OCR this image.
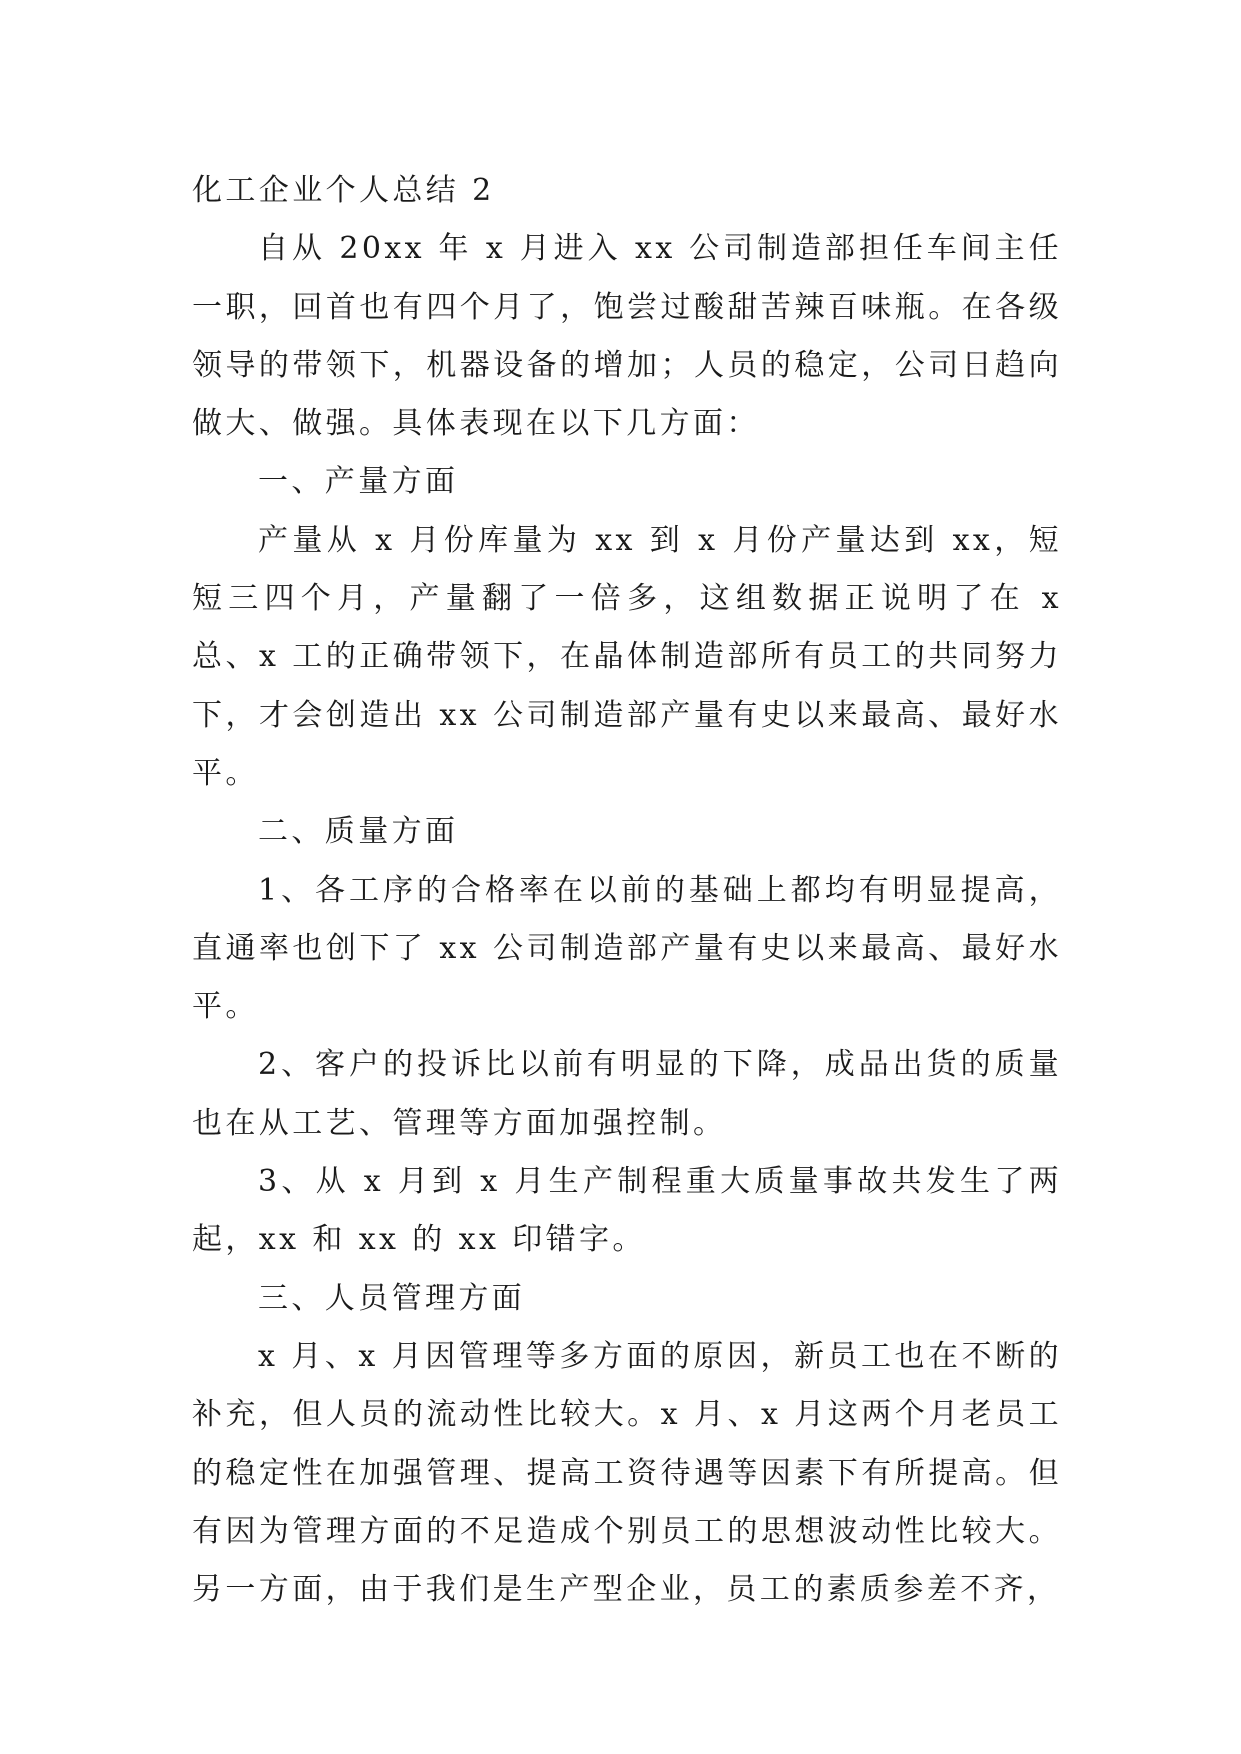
化工企业个人总结 2

自从 20xx 年 x 月进入 xx 公司制造部担任车间主任一职，回首也有四个月了，饱尝过酸甜苦辣百味瓶。在各级领导的带领下，机器设备的增加；人员的稳定，公司日趋向做大、做强。具体表现在以下几方面：

一、产量方面

产量从 x 月份库量为 xx 到 x 月份产量达到 xx，短短三四个月，产量翻了一倍多，这组数据正说明了在 x 总、x 工的正确带领下，在晶体制造部所有员工的共同努力下，才会创造出 xx 公司制造部产量有史以来最高、最好水平。

二、质量方面

1、各工序的合格率在以前的基础上都均有明显提高，直通率也创下了 xx 公司制造部产量有史以来最高、最好水平。

2、客户的投诉比以前有明显的下降，成品出货的质量也在从工艺、管理等方面加强控制。

3、从 x 月到 x 月生产制程重大质量事故共发生了两起，xx 和 xx 的 xx 印错字。

三、人员管理方面

x 月、x 月因管理等多方面的原因，新员工也在不断的补充，但人员的流动性比较大。x 月、x 月这两个月老员工的稳定性在加强管理、提高工资待遇等因素下有所提高。但有因为管理方面的不足造成个别员工的思想波动性比较大。另一方面，由于我们是生产型企业，员工的素质参差不齐，
